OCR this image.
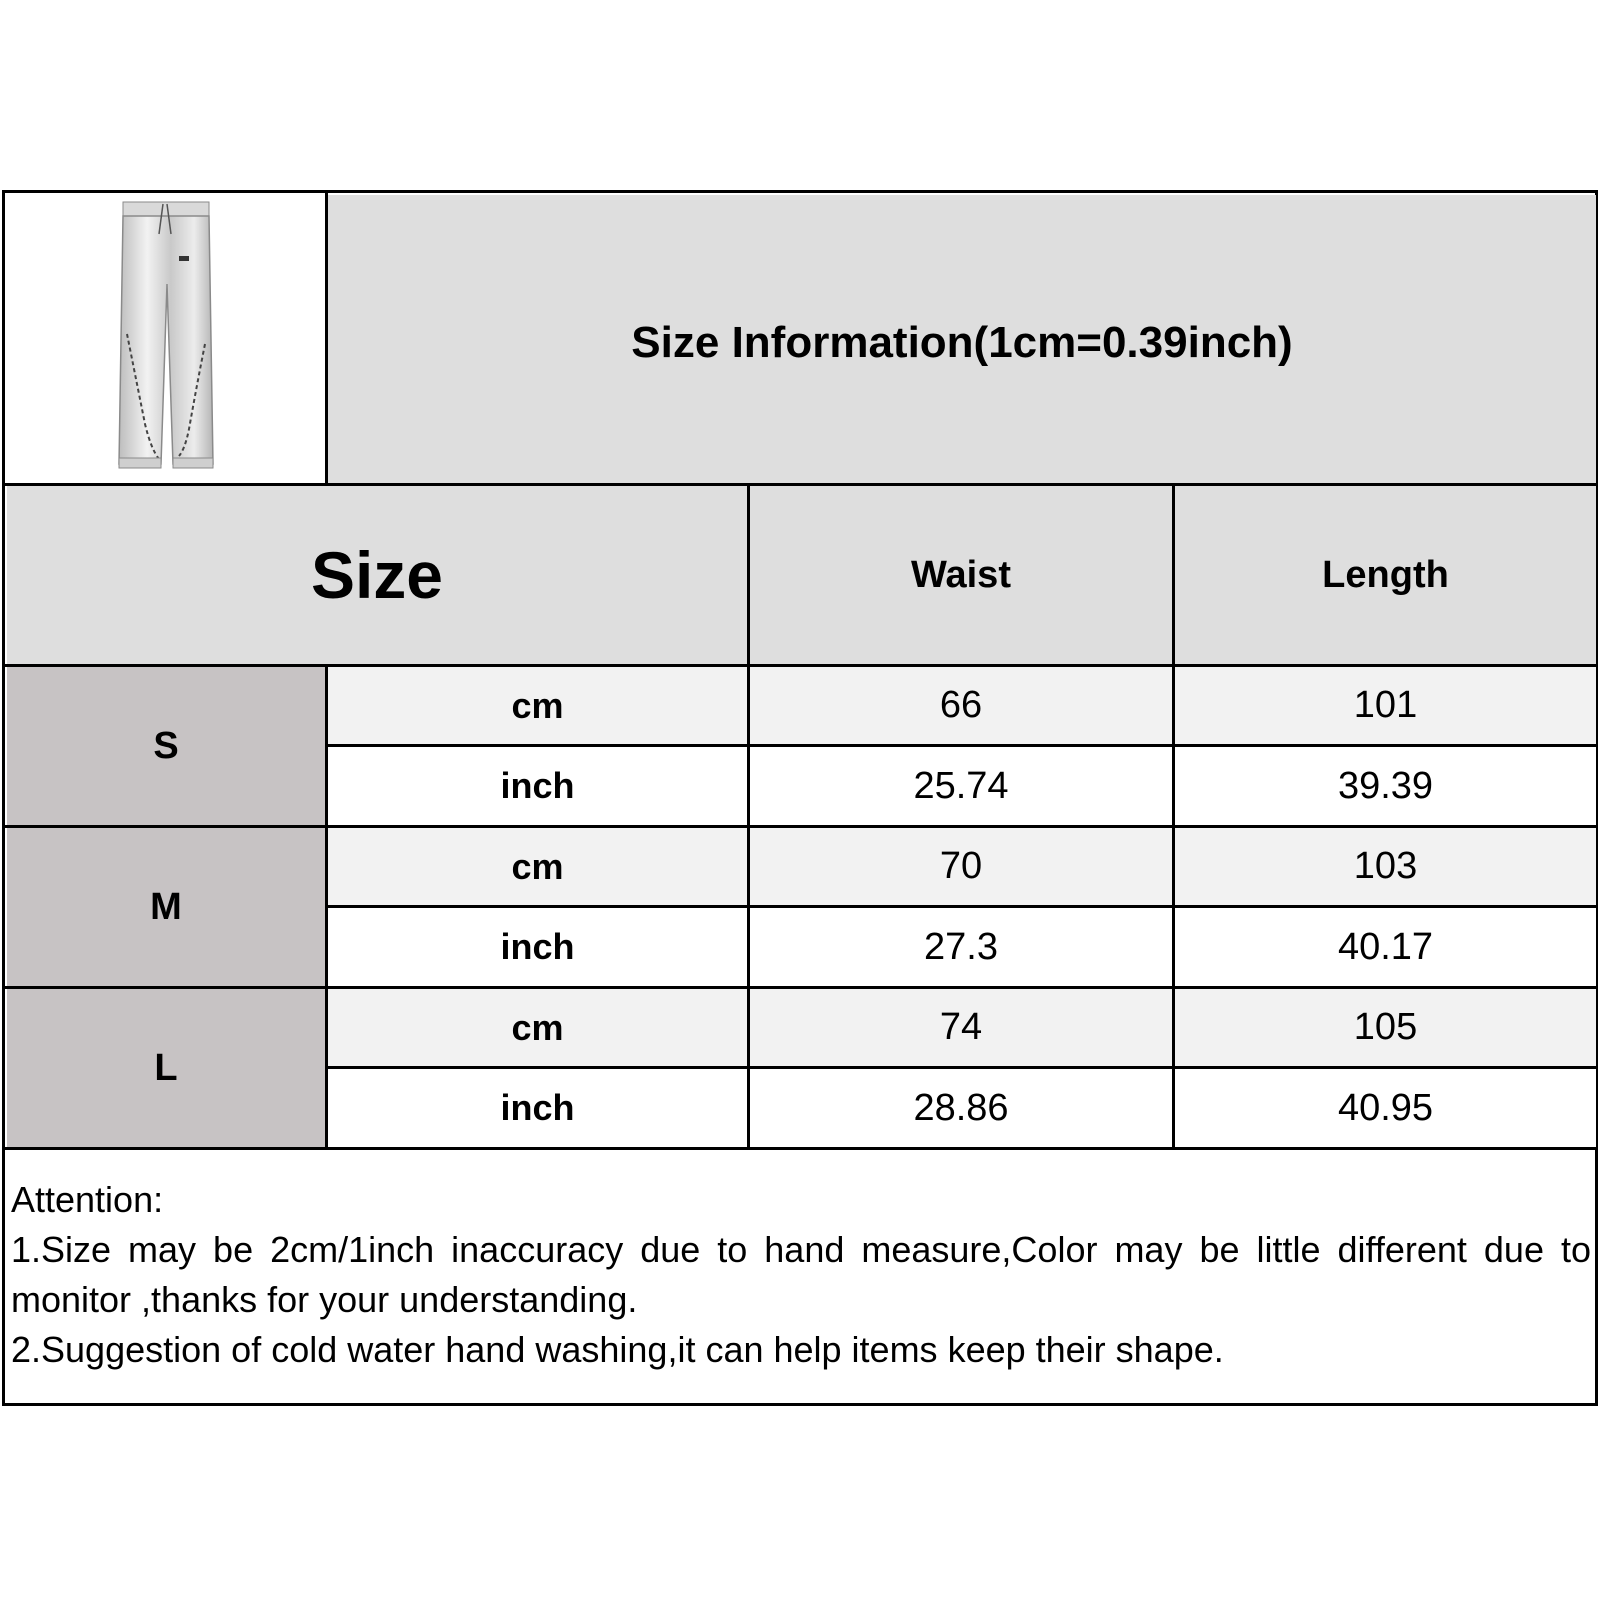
Size Information(1cm=0.39inch)
Size	Waist	Length
S
cm	66	101
inch	25.74	39.39
M
cm	70	103
inch	27.3	40.17
L
cm	74	105
inch	28.86	40.95

Attention:

1.Size may be 2cm/1inch inaccuracy due to hand measure,Color may be little different due to monitor ,thanks for your understanding.

2.Suggestion of cold water hand washing,it can help items keep their shape.
